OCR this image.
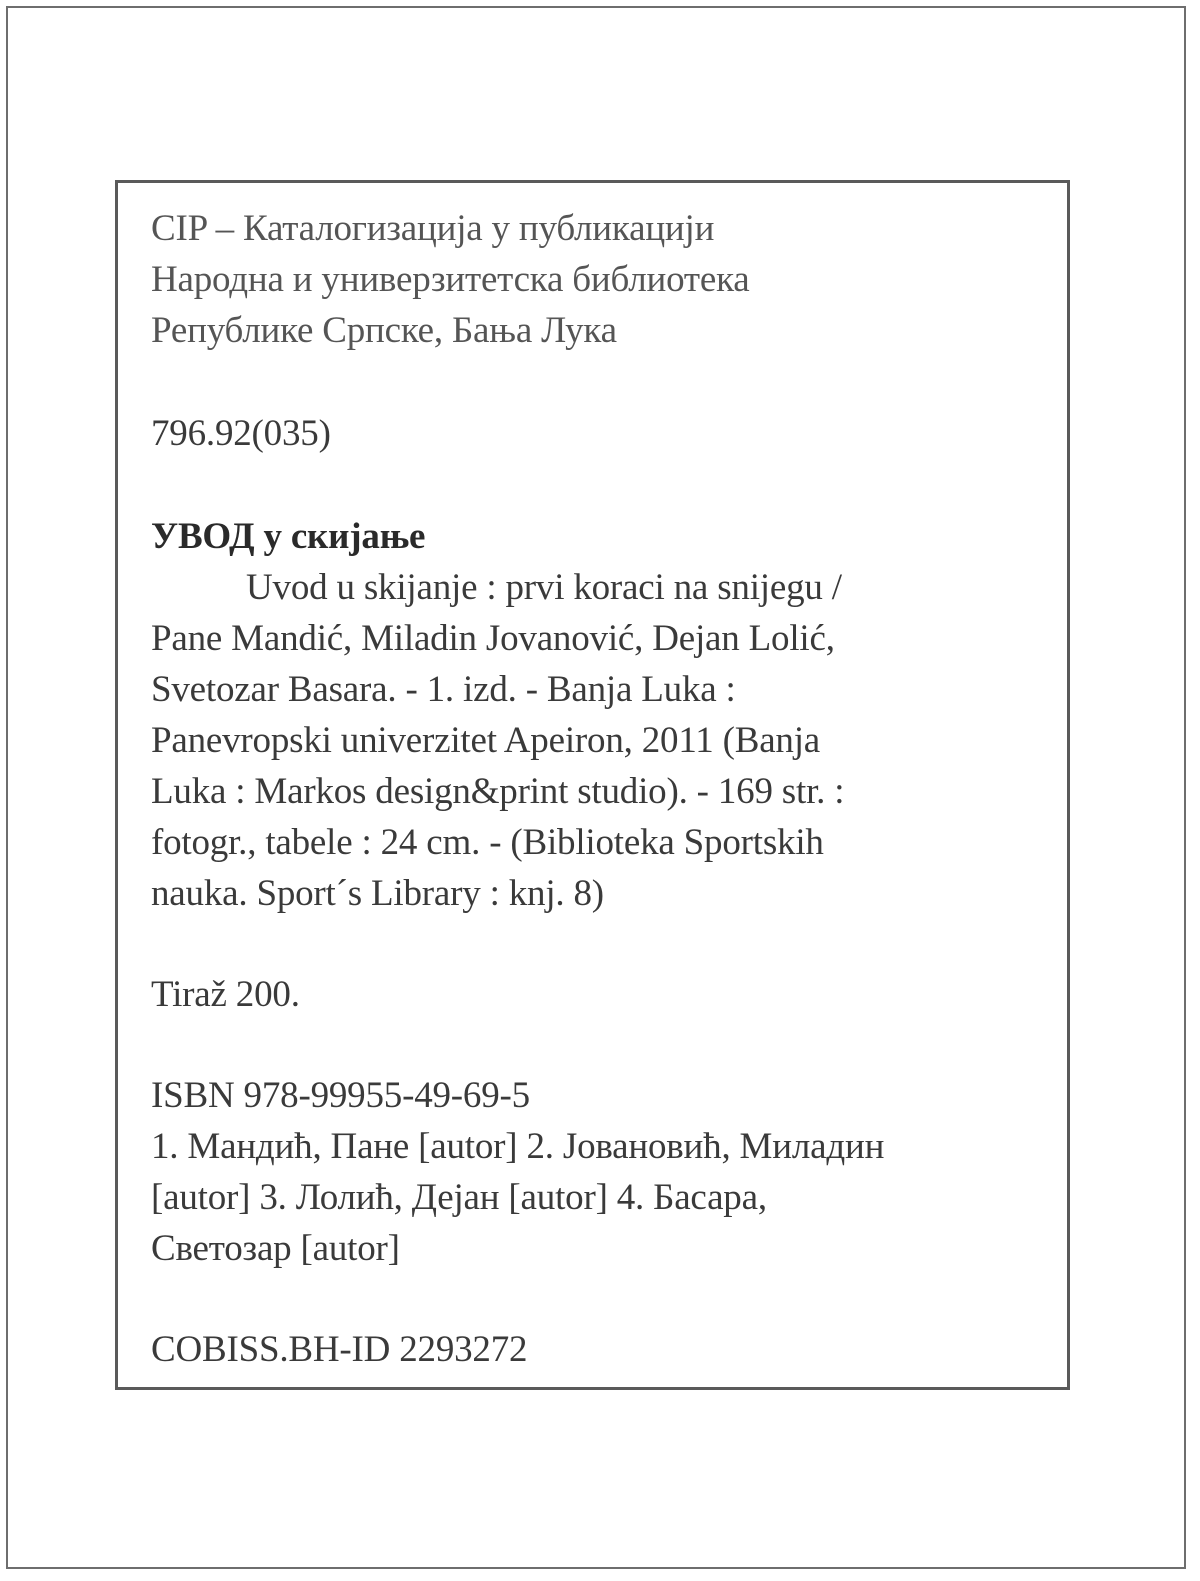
CIP – Каталогизација у публикацији
Народна и универзитетска библиотека
Републике Српске, Бања Лука
796.92(035)
УВОД у скијање
Uvod u skijanje : prvi koraci na snijegu /
Pane Mandić, Miladin Jovanović, Dejan Lolić,
Svetozar Basara. - 1. izd. - Banja Luka :
Panevropski univerzitet Apeiron, 2011 (Banja
Luka : Markos design&print studio). - 169 str. :
fotogr., tabele : 24 cm. - (Biblioteka Sportskih
nauka. Sport´s Library : knj. 8)
Tiraž 200.
ISBN 978-99955-49-69-5
1. Мандић, Пане [autor] 2. Јовановић, Миладин
[autor] 3. Лолић, Дејан [autor] 4. Басара,
Светозар [autor]
COBISS.BH-ID 2293272
